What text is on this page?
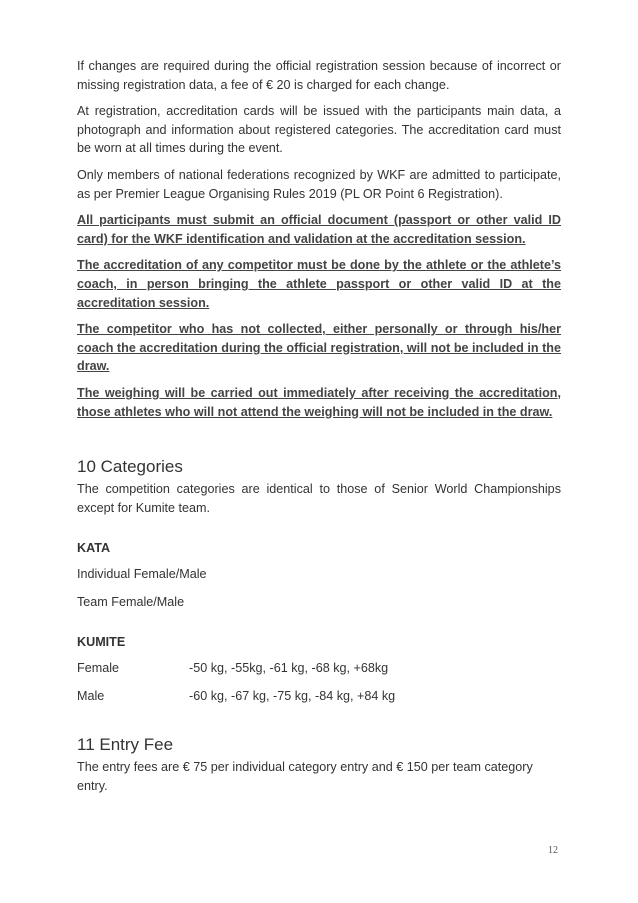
If changes are required during the official registration session because of incorrect or missing registration data, a fee of € 20 is charged for each change.

At registration, accreditation cards will be issued with the participants main data, a photograph and information about registered categories. The accreditation card must be worn at all times during the event.

Only members of national federations recognized by WKF are admitted to participate, as per Premier League Organising Rules 2019 (PL OR Point 6 Registration).

All participants must submit an official document (passport or other valid ID card) for the WKF identification and validation at the accreditation session.

The accreditation of any competitor must be done by the athlete or the athlete’s coach, in person bringing the athlete passport or other valid ID at the accreditation session.

The competitor who has not collected, either personally or through his/her coach the accreditation during the official registration, will not be included in the draw.

The weighing will be carried out immediately after receiving the accreditation, those athletes who will not attend the weighing will not be included in the draw.

10 Categories

The competition categories are identical to those of Senior World Championships except for Kumite team.

KATA
Individual Female/Male
Team Female/Male
KUMITE
Female	-50 kg, -55kg, -61 kg, -68 kg, +68kg
Male	-60 kg, -67 kg, -75 kg, -84 kg, +84 kg
11 Entry Fee

The entry fees are € 75 per individual category entry and € 150 per team category entry.

12
